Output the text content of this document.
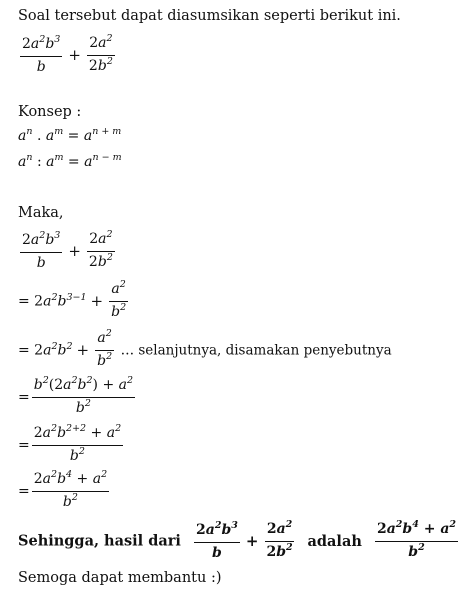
Soal tersebut dapat diasumsikan seperti berikut ini.
$\frac{2a^2b^3}{b} + \frac{2a^2}{2b^2}$
Konsep :
$a^n$ . $a^m = a^{n + m}$
$a^n$ : $a^m = a^{n - m}$
Maka,
$\frac{2a^2b^3}{b} + \frac{2a^2}{2b^2}$
= $2a^2b^{3-1} + \frac{a^2}{b^2}$
= $2a^2b^2 + \frac{a^2}{b^2}$ … selanjutnya, disamakan penyebutnya
= $\frac{b^2(2a^2b^2) + a^2}{b^2}$
= $\frac{2a^2b^{2+2} + a^2}{b^2}$
= $\frac{2a^2b^4 + a^2}{b^2}$
Sehingga, hasil dari $\frac{2a^2b^3}{b} + \frac{2a^2}{2b^2}$ adalah $\frac{2a^2b^4 + a^2}{b^2}$
Semoga dapat membantu :)
